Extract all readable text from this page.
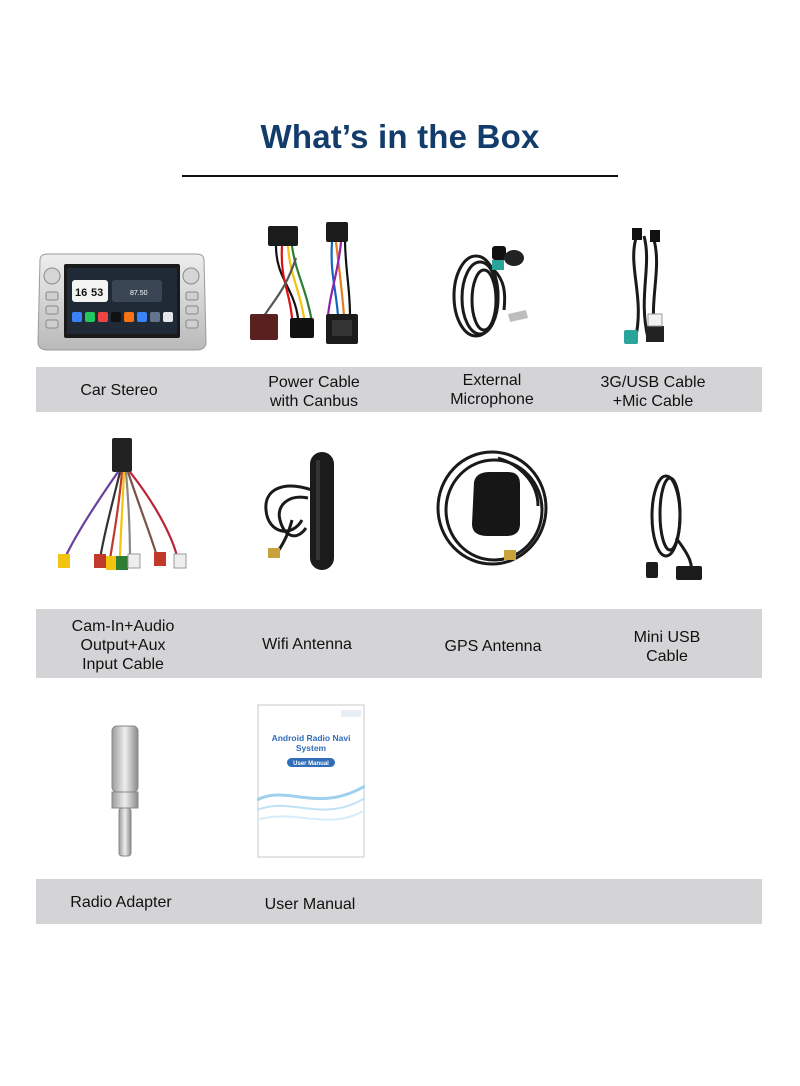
What’s in the Box
16 53	87.50
Android Radio Navi
System
User Manual
Car Stereo	Power Cable
with Canbus
External
Microphone
3G/USB Cable
+Mic Cable
Cam-In+Audio
Output+Aux
Input Cable
Wifi Antenna	GPS Antenna
Mini USB
Cable
Radio Adapter	User Manual
